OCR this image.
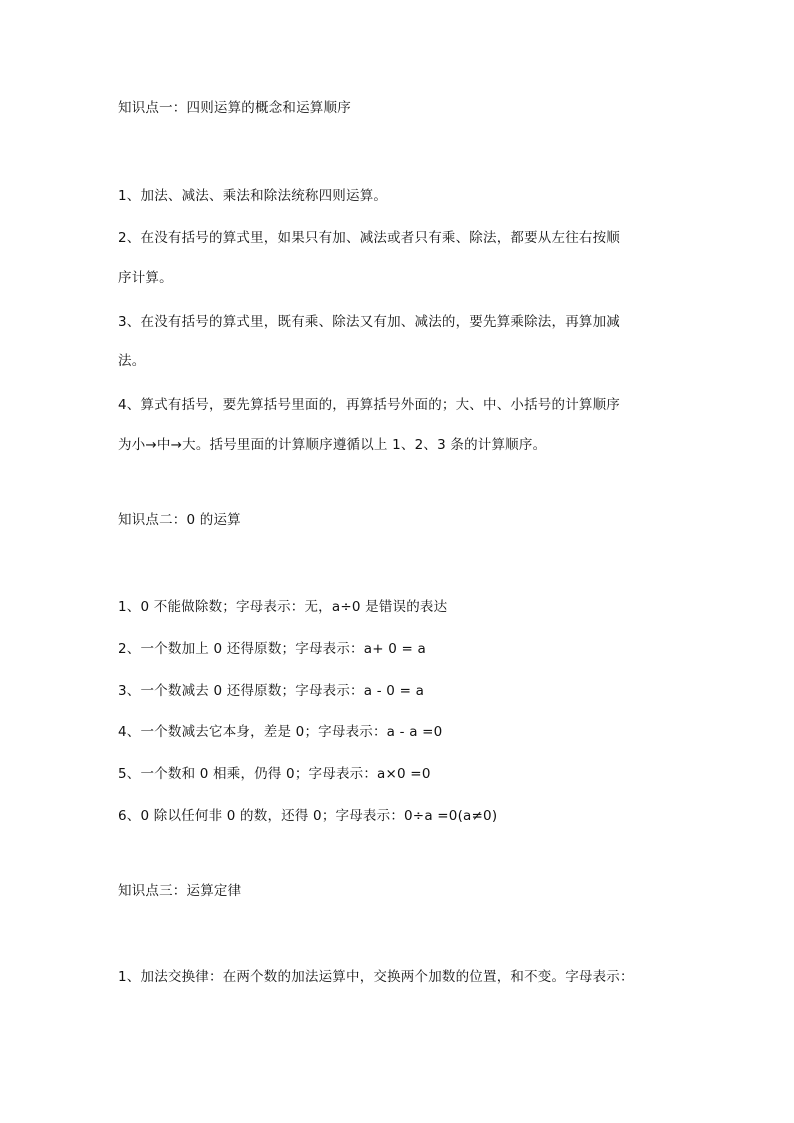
知识点一：四则运算的概念和运算顺序
1、加法、减法、乘法和除法统称四则运算。
2、在没有括号的算式里，如果只有加、减法或者只有乘、除法，都要从左往右按顺
序计算。
3、在没有括号的算式里，既有乘、除法又有加、减法的，要先算乘除法，再算加减
法。
4、算式有括号，要先算括号里面的，再算括号外面的；大、中、小括号的计算顺序
为小→中→大。括号里面的计算顺序遵循以上 1、2、3 条的计算顺序。
知识点二：0 的运算
1、0 不能做除数；字母表示：无，a÷0 是错误的表达
2、一个数加上 0 还得原数；字母表示：a+ 0 = a
3、一个数减去 0 还得原数；字母表示：a - 0 = a
4、一个数减去它本身，差是 0；字母表示：a - a =0
5、一个数和 0 相乘，仍得 0；字母表示：a×0 =0
6、0 除以任何非 0 的数，还得 0；字母表示：0÷a =0(a≠0)
知识点三：运算定律
1、加法交换律：在两个数的加法运算中，交换两个加数的位置，和不变。字母表示：
